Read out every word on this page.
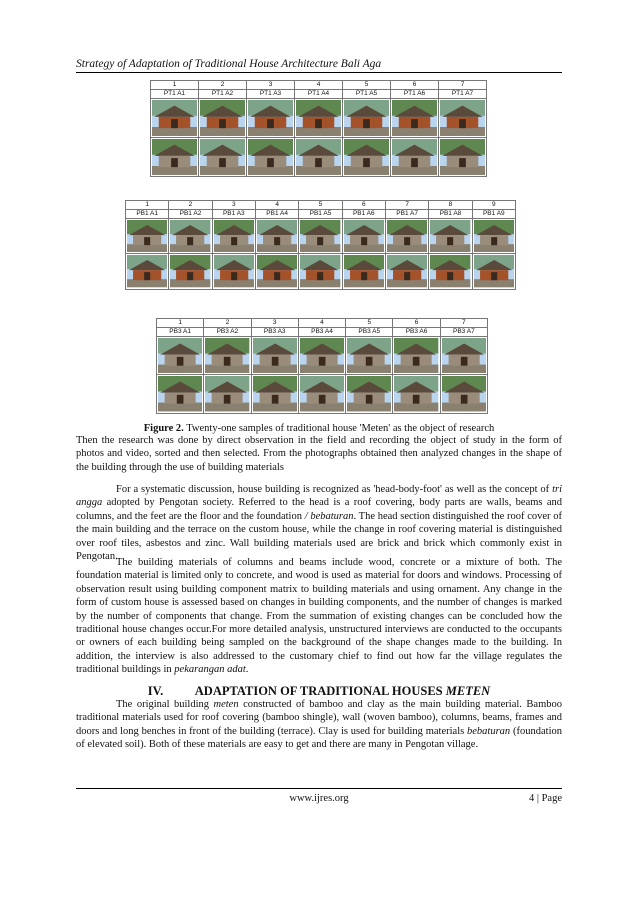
Strategy of Adaptation of Traditional House Architecture Bali Aga
1	2	3	4	5	6	7
PT1 A1	PT1 A2	PT1 A3	PT1 A4	PT1 A5	PT1 A6	PT1 A7

1	2	3	4	5	6	7	8	9
PB1 A1	PB1 A2	PB1 A3	PB1 A4	PB1 A5	PB1 A6	PB1 A7	PB1 A8	PB1 A9

1	2	3	4	5	6	7
PB3 A1	PB3 A2	PB3 A3	PB3 A4	PB3 A5	PB3 A6	PB3 A7

Figure 2. Twenty-one samples of traditional house 'Meten' as the object of research

Then the research was done by direct observation in the field and recording the object of study in the form of photos and video, sorted and then selected. From the photographs obtained then analyzed changes in the shape of the building through the use of building materials

For a systematic discussion, house building is recognized as 'head-body-foot' as well as the concept of tri angga adopted by Pengotan society. Referred to the head is a roof covering, body parts are walls, beams and columns, and the feet are the floor and the foundation / bebaturan. The head section distinguished the roof cover of the main building and the terrace on the custom house, while the change in roof covering material is distinguished over roof tiles, asbestos and zinc. Wall building materials used are brick and brick which commonly exist in Pengotan.

The building materials of columns and beams include wood, concrete or a mixture of both. The foundation material is limited only to concrete, and wood is used as material for doors and windows. Processing of observation result using building component matrix to building materials and using ornament. Any change in the form of custom house is assessed based on changes in building components, and the number of changes is marked by the number of components that change. From the summation of existing changes can be concluded how the traditional house changes occur.For more detailed analysis, unstructured interviews are conducted to the occupants or owners of each building being sampled on the background of the shape changes made to the building. In addition, the interview is also addressed to the customary chief to find out how far the village regulates the traditional buildings in pekarangan adat.

IV.	ADAPTATION OF TRADITIONAL HOUSES METEN

The original building meten constructed of bamboo and clay as the main building material. Bamboo traditional materials used for roof covering (bamboo shingle), wall (woven bamboo), columns, beams, frames and doors and long benches in front of the building (terrace). Clay is used for building materials bebaturan (foundation of elevated soil). Both of these materials are easy to get and there are many in Pengotan village.

www.ijres.org	4 | Page
